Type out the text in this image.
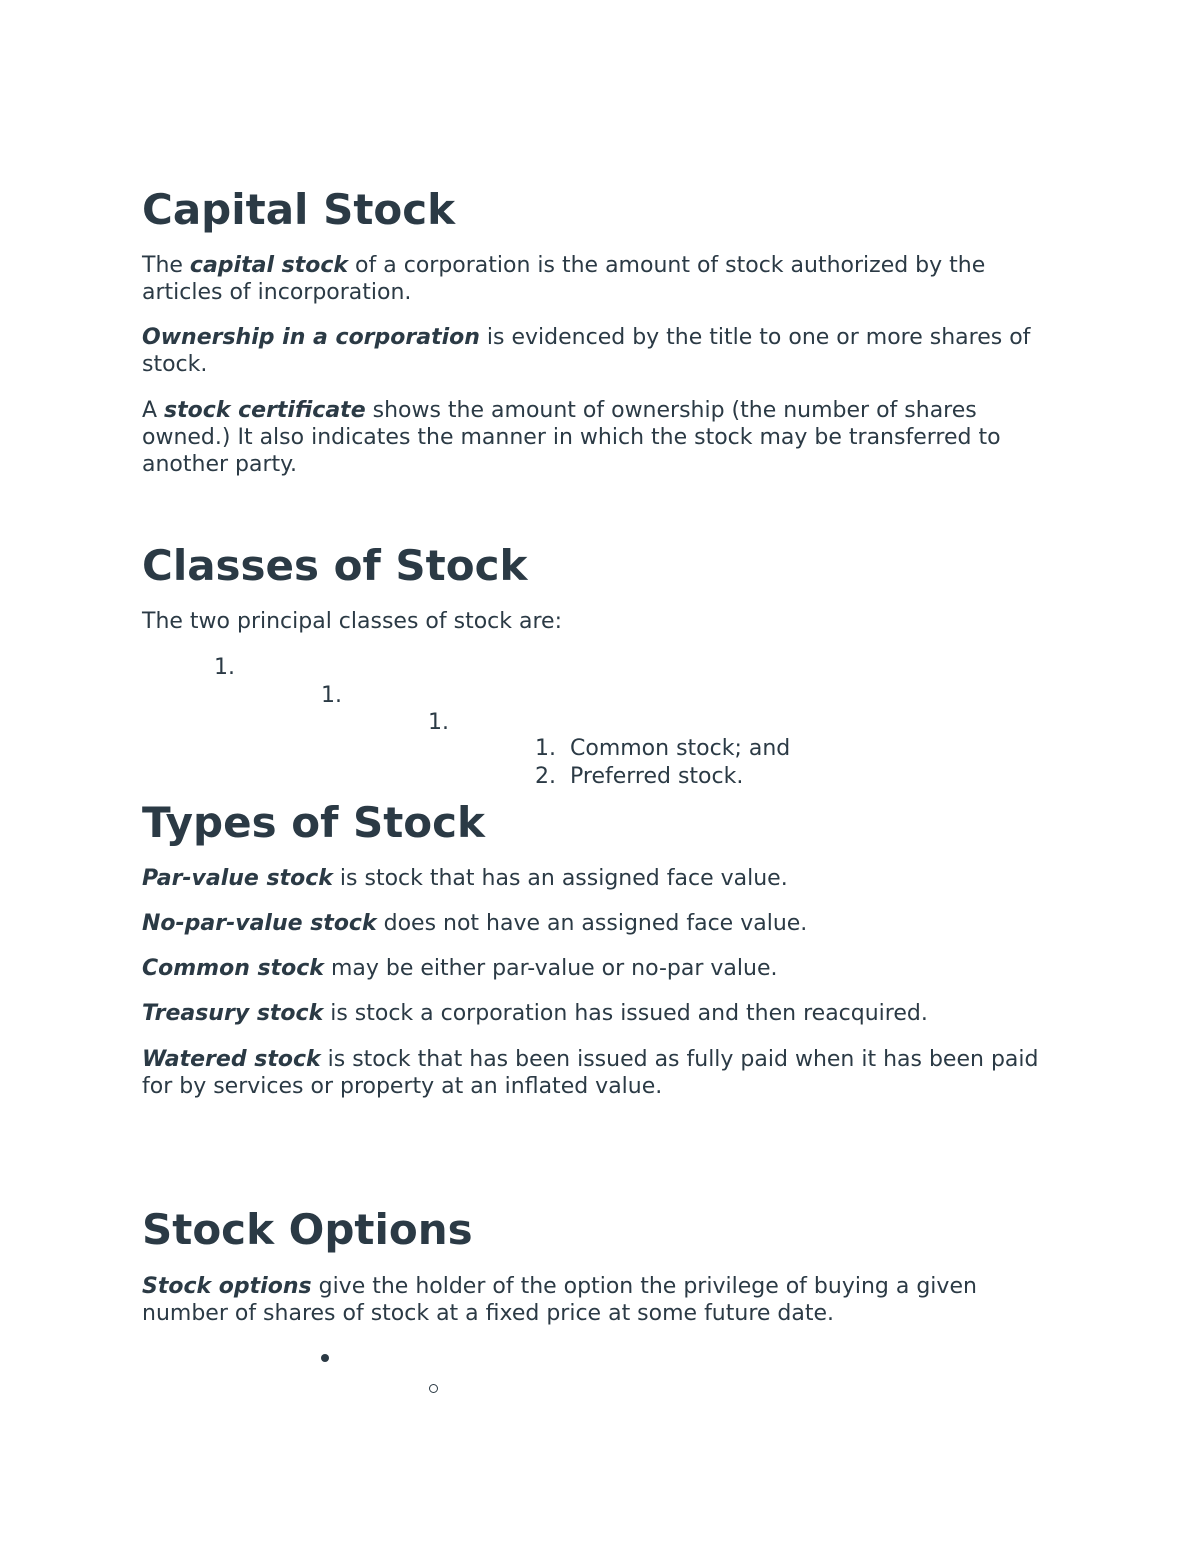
Capital Stock

The capital stock of a corporation is the amount of stock authorized by the articles of incorporation.

Ownership in a corporation is evidenced by the title to one or more shares of stock.

A stock certificate shows the amount of ownership (the number of shares owned.) It also indicates the manner in which the stock may be transferred to another party.

Classes of Stock

The two principal classes of stock are:

1.
1.
1.
1. Common stock; and
2. Preferred stock.
Types of Stock

Par-value stock is stock that has an assigned face value.

No-par-value stock does not have an assigned face value.

Common stock may be either par-value or no-par value.

Treasury stock is stock a corporation has issued and then reacquired.

Watered stock is stock that has been issued as fully paid when it has been paid for by services or property at an inflated value.

Stock Options

Stock options give the holder of the option the privilege of buying a given number of shares of stock at a fixed price at some future date.
